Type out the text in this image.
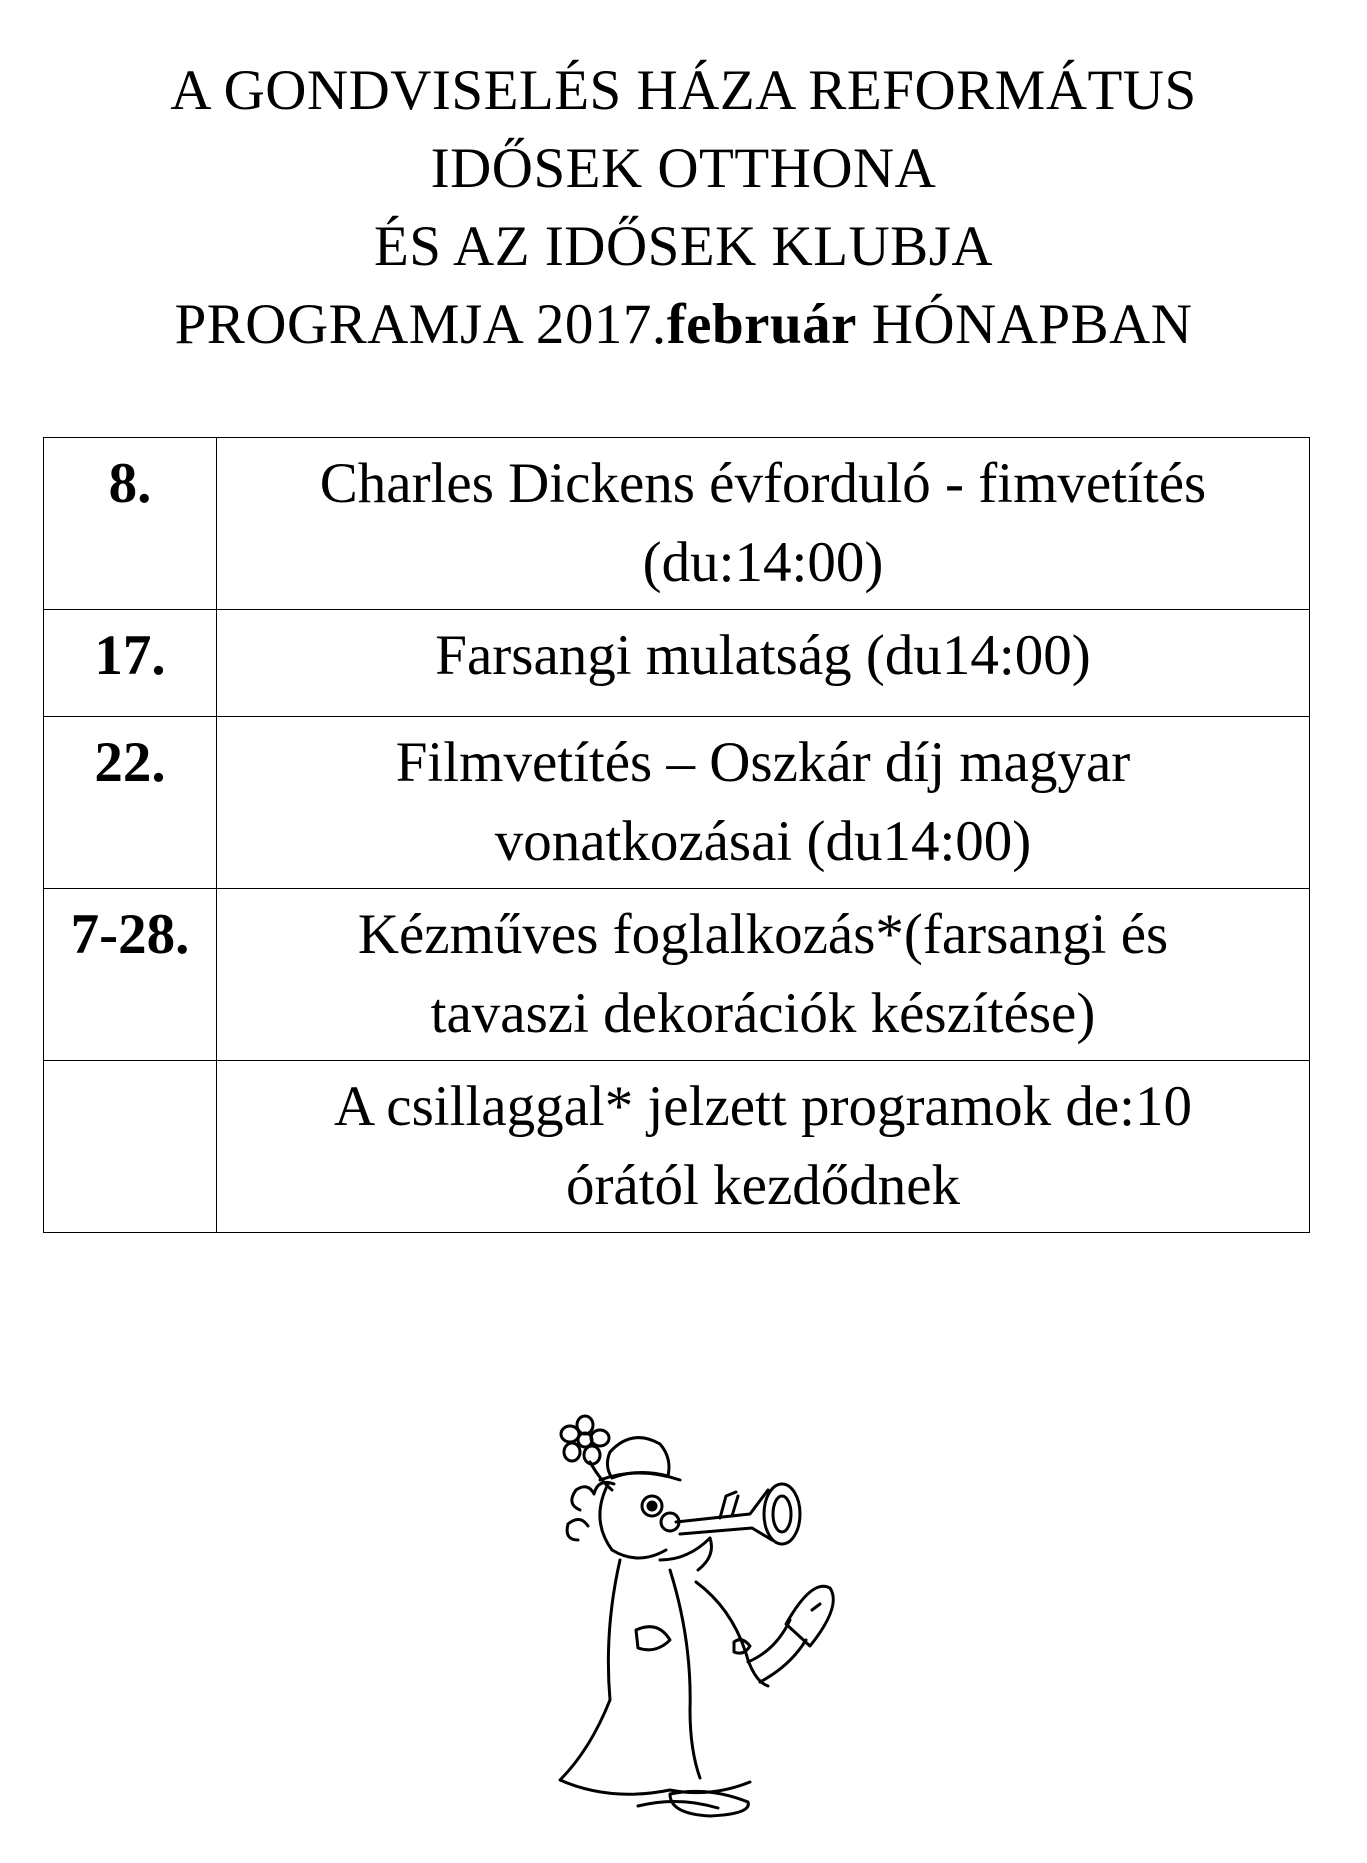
A GONDVISELÉS HÁZA REFORMÁTUS
IDŐSEK OTTHONA
ÉS AZ IDŐSEK KLUBJA
PROGRAMJA 2017.február HÓNAPBAN
8.	Charles Dickens évforduló - fimvetítés
(du:14:00)

17.	Farsangi mulatság (du14:00)

22.	Filmvetítés – Oszkár díj magyar
vonatkozásai (du14:00)

7-28.	Kézműves foglalkozás*(farsangi és
tavaszi dekorációk készítése)

	A csillaggal* jelzett programok de:10
órától kezdődnek
